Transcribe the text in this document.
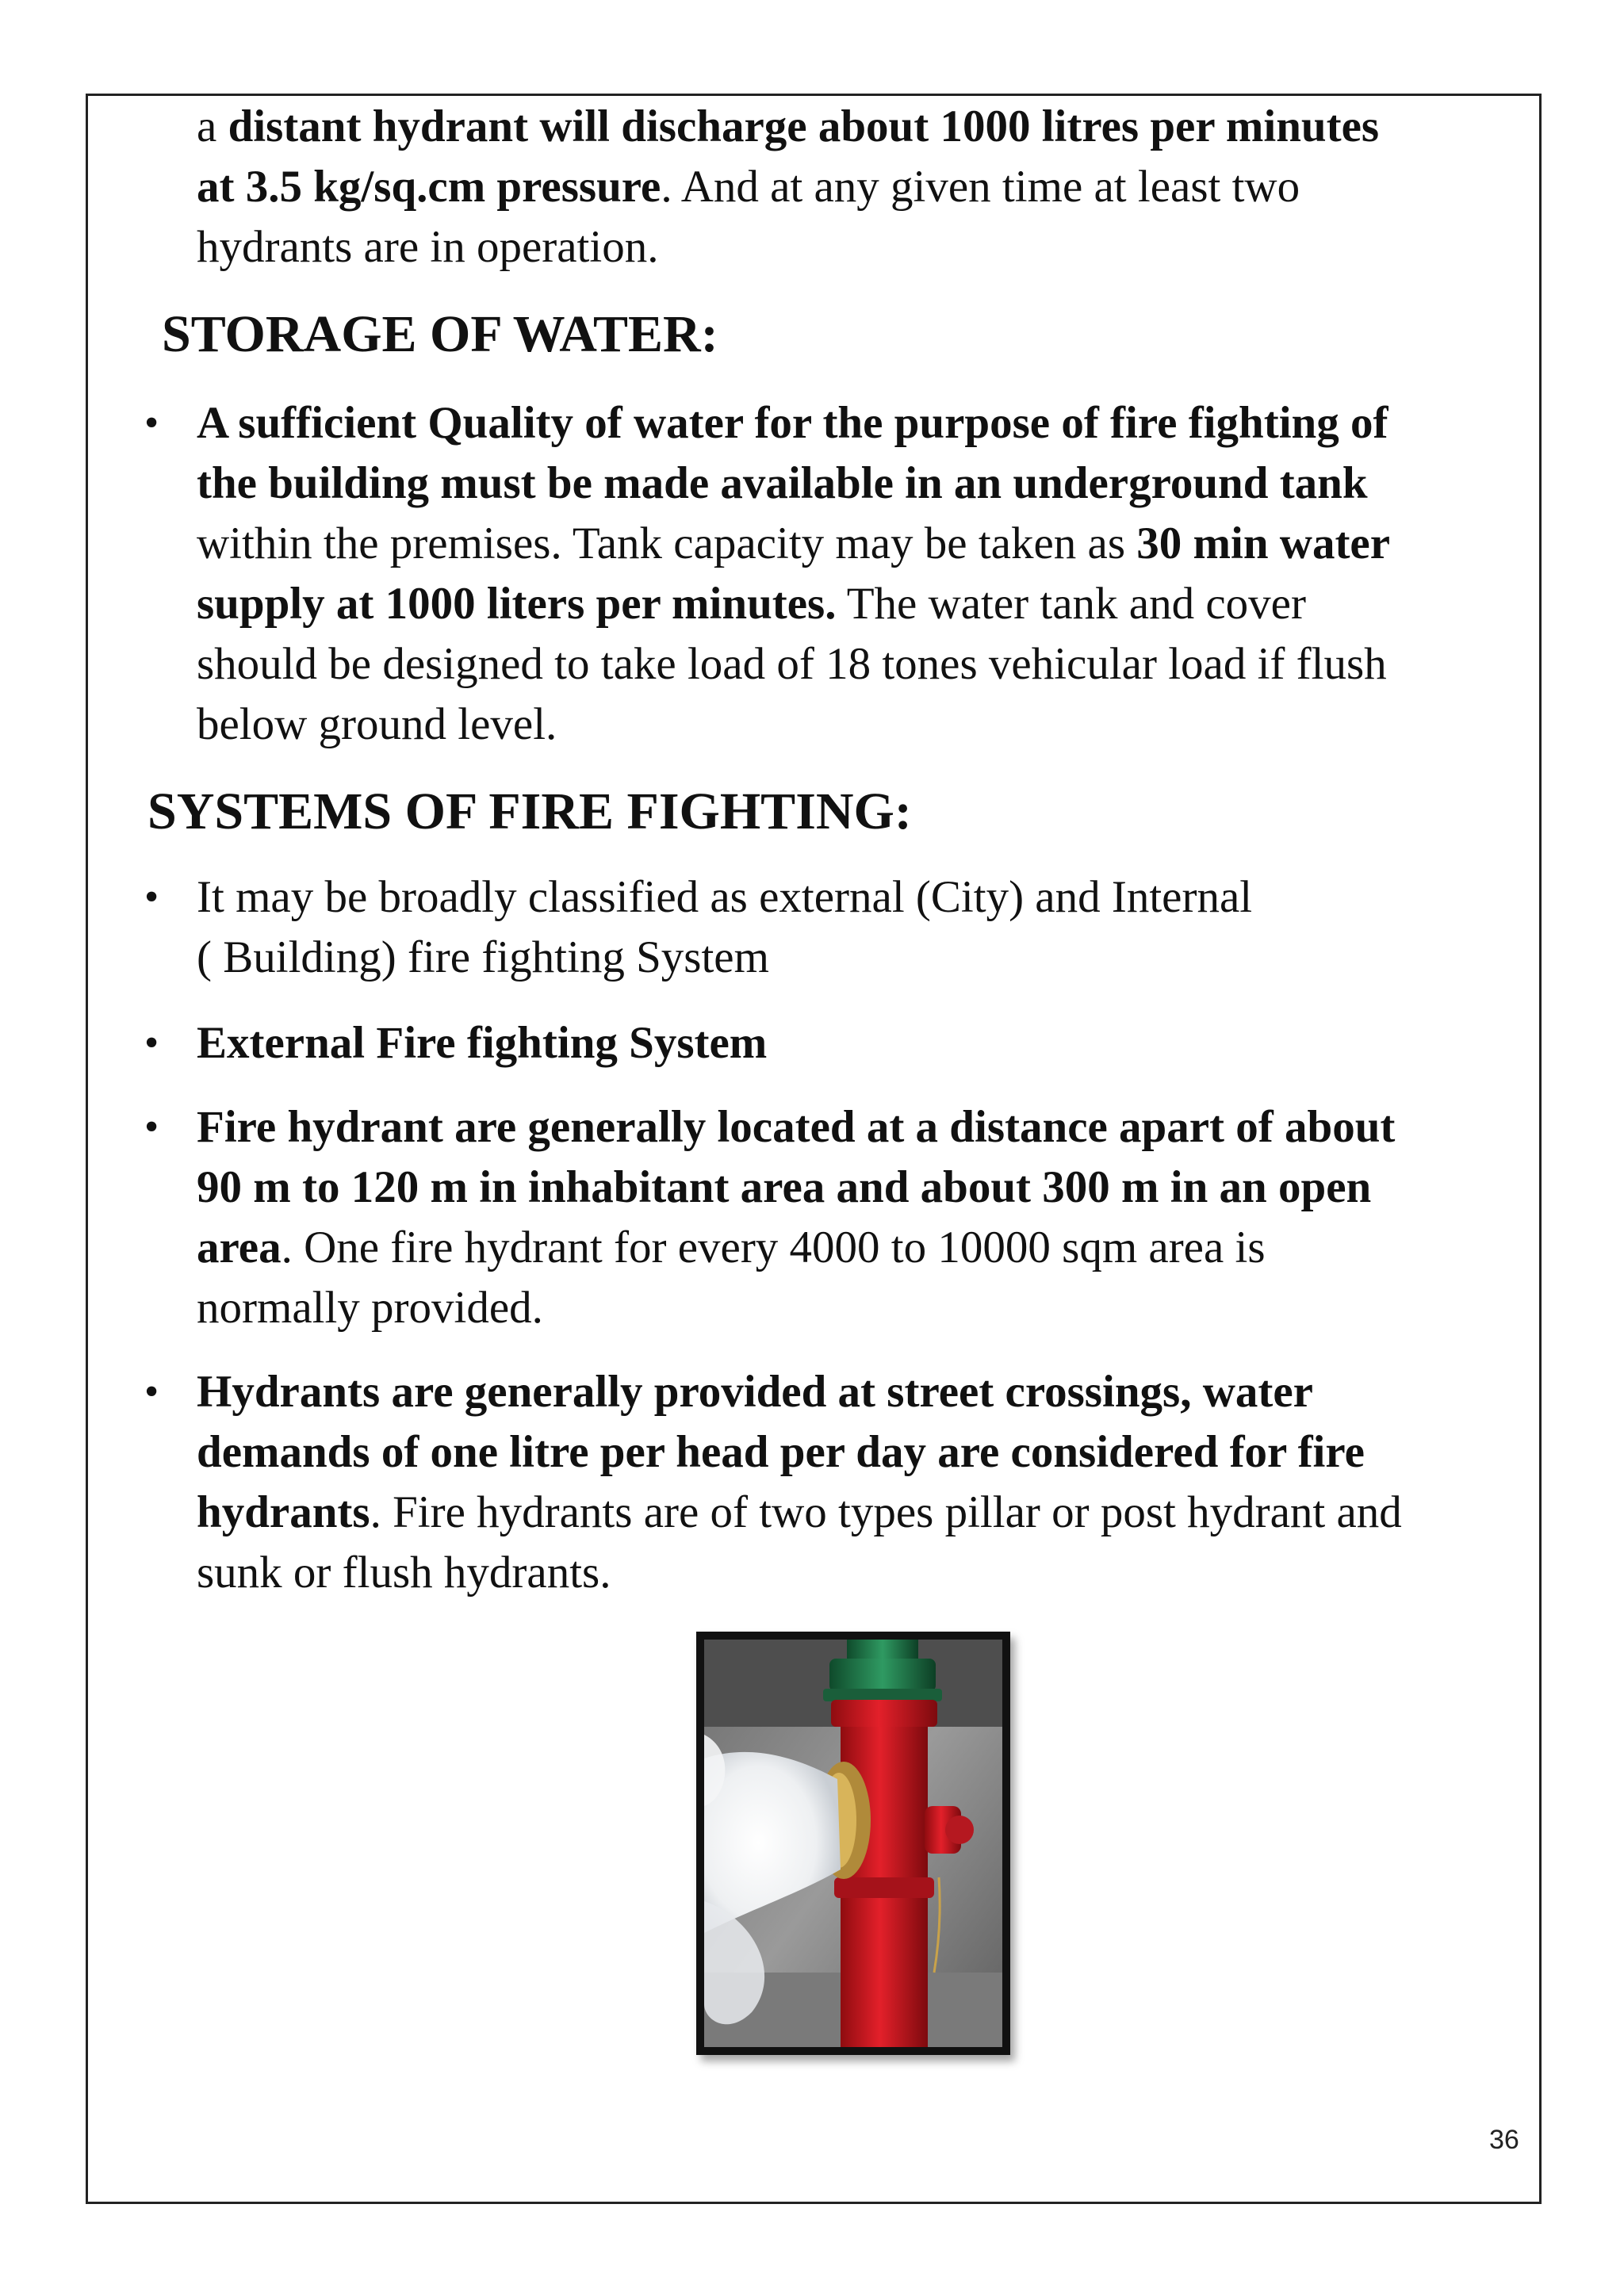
a distant hydrant will discharge about 1000 litres per minutes

at 3.5 kg/sq.cm pressure. And at any given time at least two

hydrants are in operation.

STORAGE OF WATER:
• A sufficient Quality of water for the purpose of fire fighting of

the building must be made available in an underground tank

within the premises. Tank capacity may be taken as 30 min water

supply at 1000 liters per minutes. The water tank and cover

should be designed to take load of 18 tones vehicular load if flush

below ground level.

SYSTEMS OF FIRE FIGHTING:
• It may be broadly classified as external (City) and Internal

( Building) fire fighting System

• External Fire fighting System

• Fire hydrant are generally located at a distance apart of about

90 m to 120 m in inhabitant area and about 300 m in an open

area. One fire hydrant for every 4000 to 10000 sqm area is

normally provided.

• Hydrants are generally provided at street crossings, water

demands of one litre per head per day are considered for fire

hydrants. Fire hydrants are of two types pillar or post hydrant and

sunk or flush hydrants.

36
